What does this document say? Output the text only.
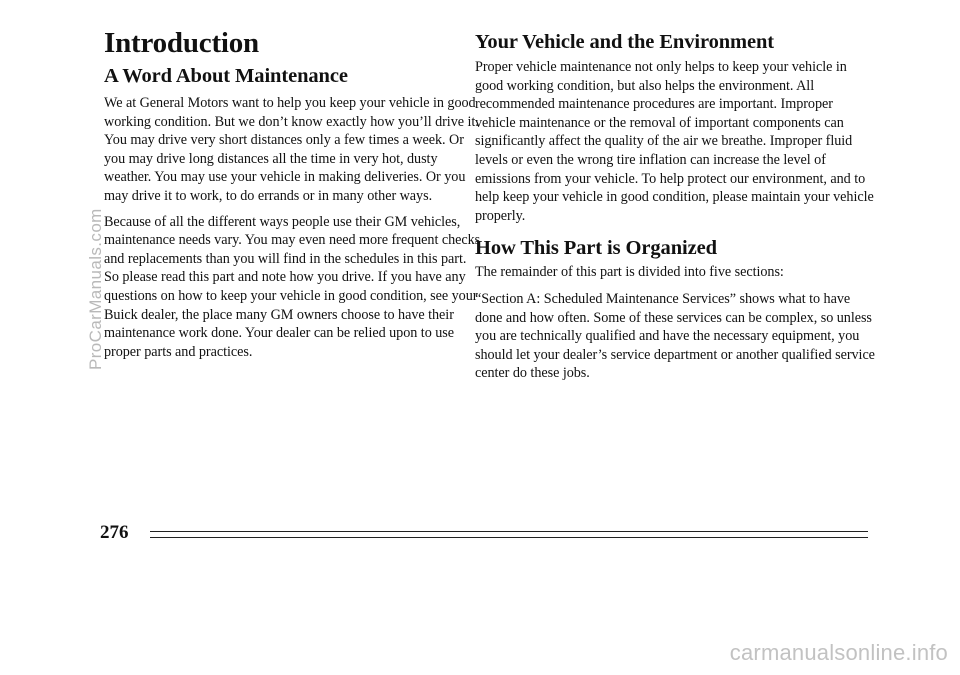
Introduction
A Word About Maintenance

We at General Motors want to help you keep your vehicle in good working condition. But we don’t know exactly how you’ll drive it. You may drive very short distances only a few times a week. Or you may drive long distances all the time in very hot, dusty weather. You may use your vehicle in making deliveries. Or you may drive it to work, to do errands or in many other ways.

Because of all the different ways people use their GM vehicles, maintenance needs vary. You may even need more frequent checks and replacements than you will find in the schedules in this part. So please read this part and note how you drive. If you have any questions on how to keep your vehicle in good condition, see your Buick dealer, the place many GM owners choose to have their maintenance work done. Your dealer can be relied upon to use proper parts and practices.

Your Vehicle and the Environment

Proper vehicle maintenance not only helps to keep your vehicle in good working condition, but also helps the environment. All recommended maintenance procedures are important. Improper vehicle maintenance or the removal of important components can significantly affect the quality of the air we breathe. Improper fluid levels or even the wrong tire inflation can increase the level of emissions from your vehicle. To help protect our environment, and to help keep your vehicle in good condition, please maintain your vehicle properly.

How This Part is Organized

The remainder of this part is divided into five sections:

“Section A: Scheduled Maintenance Services” shows what to have done and how often. Some of these services can be complex, so unless you are technically qualified and have the necessary equipment, you should let your dealer’s service department or another qualified service center do these jobs.

276
ProCarManuals.com
carmanualsonline.info
